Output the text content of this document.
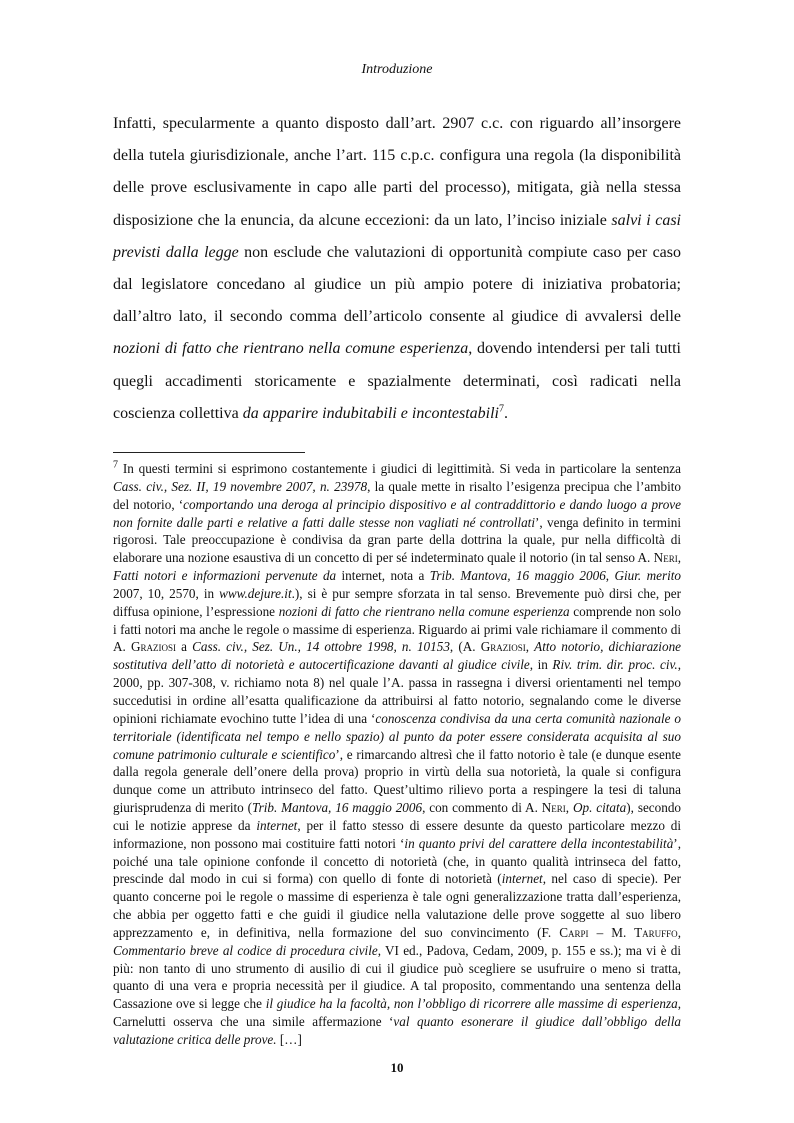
Introduzione
Infatti, specularmente a quanto disposto dall’art. 2907 c.c. con riguardo all’insorgere della tutela giurisdizionale, anche l’art. 115 c.p.c. configura una regola (la disponibilità delle prove esclusivamente in capo alle parti del processo), mitigata, già nella stessa disposizione che la enuncia, da alcune eccezioni: da un lato, l’inciso iniziale salvi i casi previsti dalla legge non esclude che valutazioni di opportunità compiute caso per caso dal legislatore concedano al giudice un più ampio potere di iniziativa probatoria; dall’altro lato, il secondo comma dell’articolo consente al giudice di avvalersi delle nozioni di fatto che rientrano nella comune esperienza, dovendo intendersi per tali tutti quegli accadimenti storicamente e spazialmente determinati, così radicati nella coscienza collettiva da apparire indubitabili e incontestabili$^7$.
$^7$ In questi termini si esprimono costantemente i giudici di legittimità. Si veda in particolare la sentenza Cass. civ., Sez. II, 19 novembre 2007, n. 23978, la quale mette in risalto l’esigenza precipua che l’ambito del notorio, ‘comportando una deroga al principio dispositivo e al contraddittorio e dando luogo a prove non fornite dalle parti e relative a fatti dalle stesse non vagliati né controllati’, venga definito in termini rigorosi. Tale preoccupazione è condivisa da gran parte della dottrina la quale, pur nella difficoltà di elaborare una nozione esaustiva di un concetto di per sé indeterminato quale il notorio (in tal senso A. Neri, Fatti notori e informazioni pervenute da internet, nota a Trib. Mantova, 16 maggio 2006, Giur. merito 2007, 10, 2570, in www.dejure.it.), si è pur sempre sforzata in tal senso. Brevemente può dirsi che, per diffusa opinione, l’espressione nozioni di fatto che rientrano nella comune esperienza comprende non solo i fatti notori ma anche le regole o massime di esperienza. Riguardo ai primi vale richiamare il commento di A. Graziosi a Cass. civ., Sez. Un., 14 ottobre 1998, n. 10153, (A. Graziosi, Atto notorio, dichiarazione sostitutiva dell’atto di notorietà e autocertificazione davanti al giudice civile, in Riv. trim. dir. proc. civ., 2000, pp. 307-308, v. richiamo nota 8) nel quale l’A. passa in rassegna i diversi orientamenti nel tempo succedutisi in ordine all’esatta qualificazione da attribuirsi al fatto notorio, segnalando come le diverse opinioni richiamate evochino tutte l’idea di una ‘conoscenza condivisa da una certa comunità nazionale o territoriale (identificata nel tempo e nello spazio) al punto da poter essere considerata acquisita al suo comune patrimonio culturale e scientifico’, e rimarcando altresì che il fatto notorio è tale (e dunque esente dalla regola generale dell’onere della prova) proprio in virtù della sua notorietà, la quale si configura dunque come un attributo intrinseco del fatto. Quest’ultimo rilievo porta a respingere la tesi di taluna giurisprudenza di merito (Trib. Mantova, 16 maggio 2006, con commento di A. Neri, Op. citata), secondo cui le notizie apprese da internet, per il fatto stesso di essere desunte da questo particolare mezzo di informazione, non possono mai costituire fatti notori ‘in quanto privi del carattere della incontestabilità’, poiché una tale opinione confonde il concetto di notorietà (che, in quanto qualità intrinseca del fatto, prescinde dal modo in cui si forma) con quello di fonte di notorietà (internet, nel caso di specie). Per quanto concerne poi le regole o massime di esperienza è tale ogni generalizzazione tratta dall’esperienza, che abbia per oggetto fatti e che guidi il giudice nella valutazione delle prove soggette al suo libero apprezzamento e, in definitiva, nella formazione del suo convincimento (F. Carpi – M. Taruffo, Commentario breve al codice di procedura civile, VI ed., Padova, Cedam, 2009, p. 155 e ss.); ma vi è di più: non tanto di uno strumento di ausilio di cui il giudice può scegliere se usufruire o meno si tratta, quanto di una vera e propria necessità per il giudice. A tal proposito, commentando una sentenza della Cassazione ove si legge che il giudice ha la facoltà, non l’obbligo di ricorrere alle massime di esperienza, Carnelutti osserva che una simile affermazione ‘val quanto esonerare il giudice dall’obbligo della valutazione critica delle prove. […]
10
